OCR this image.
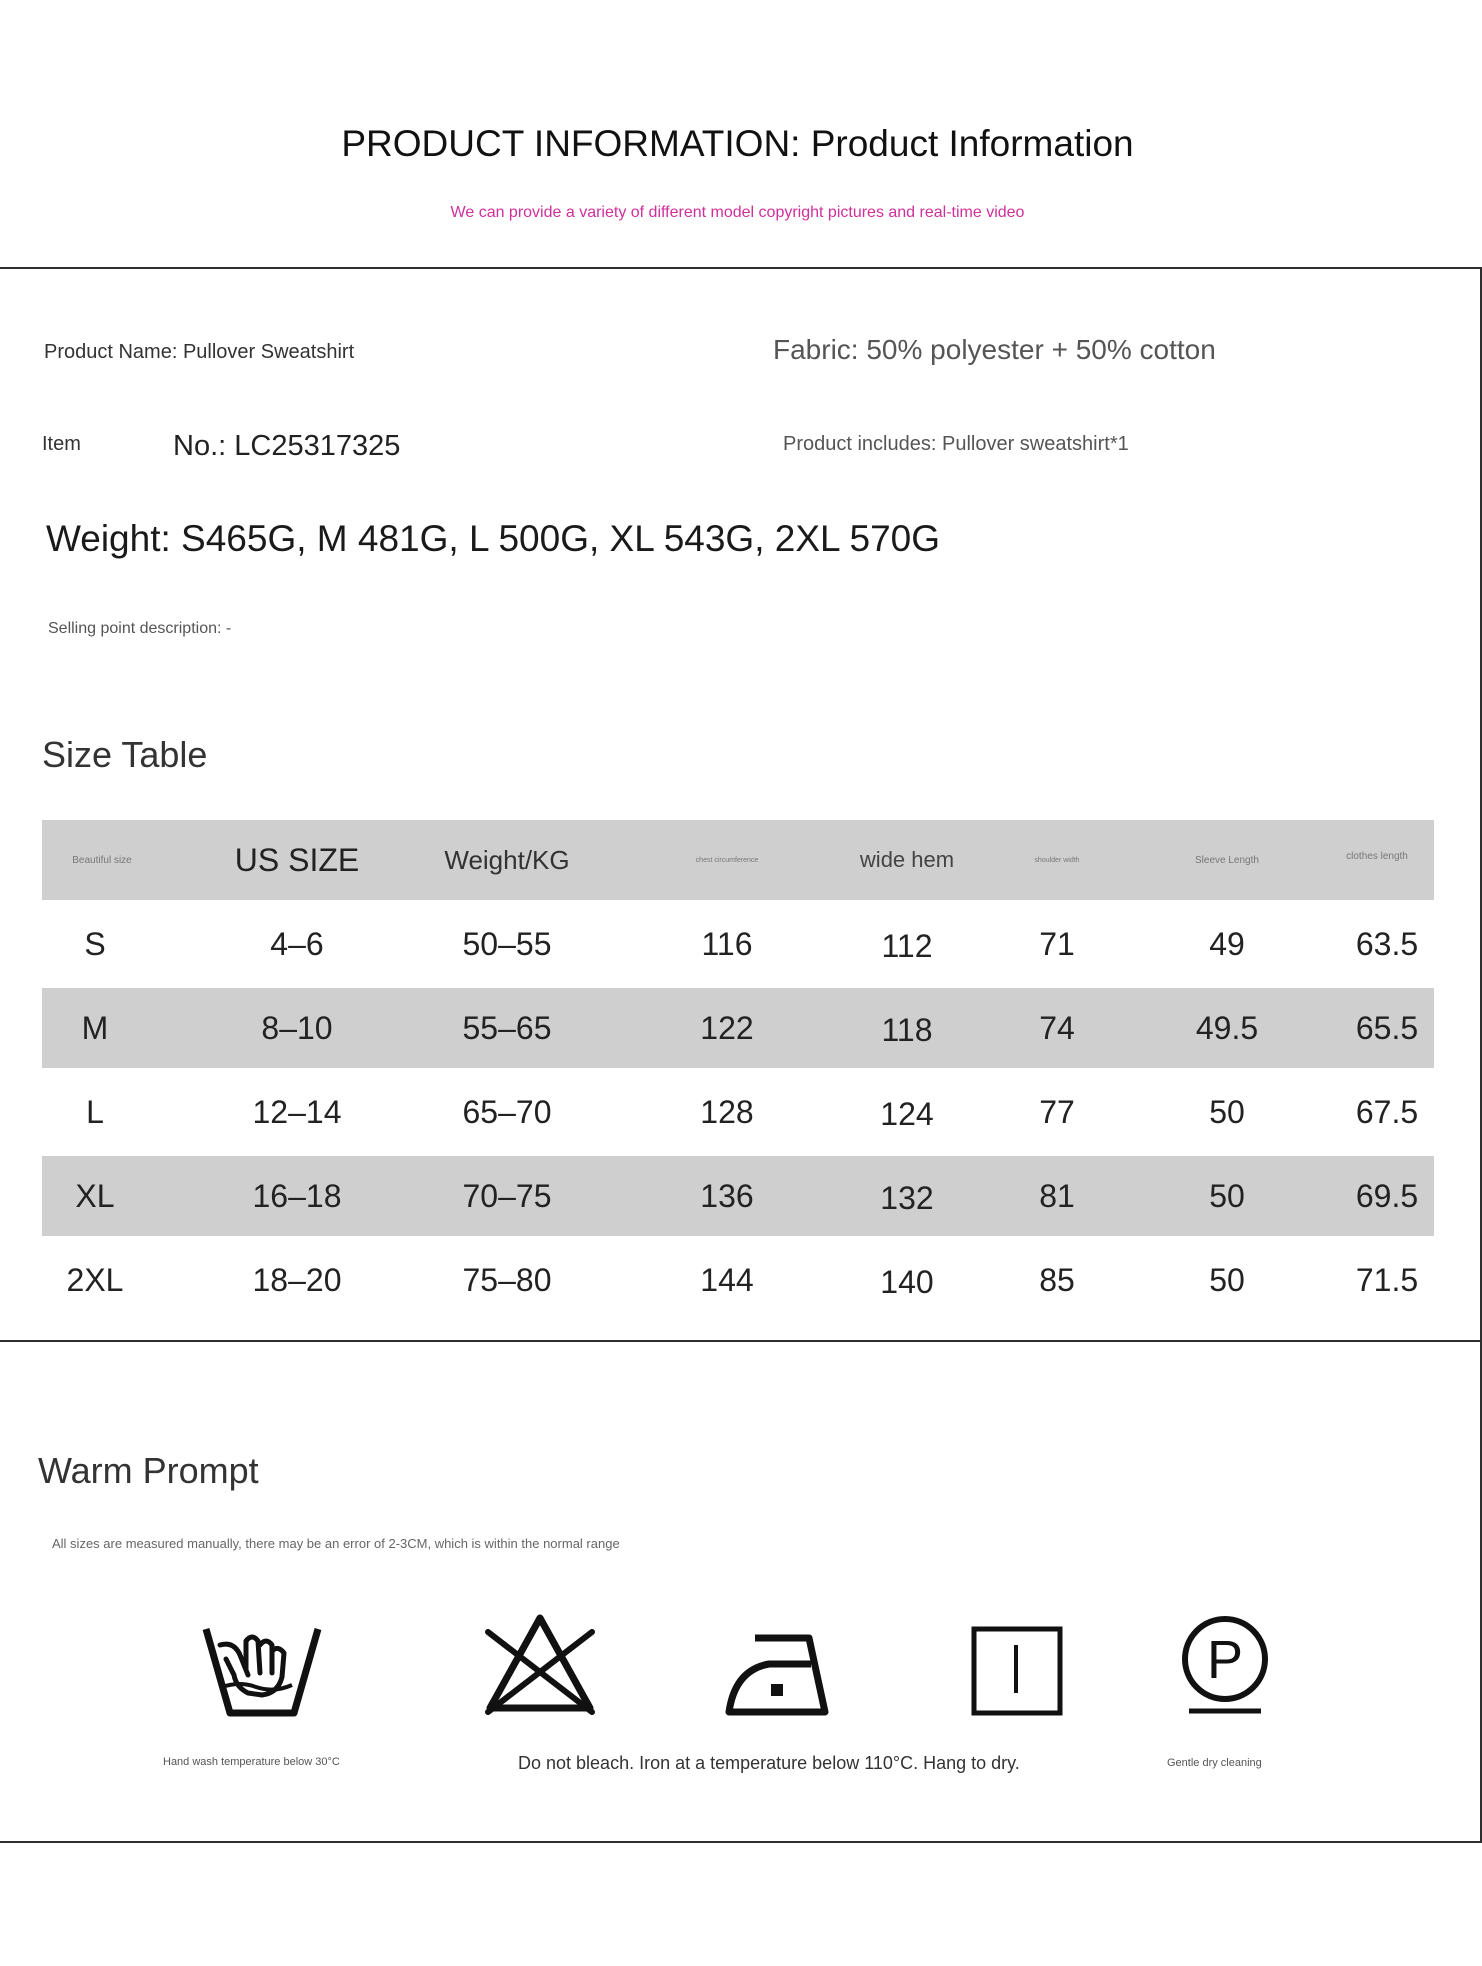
PRODUCT INFORMATION: Product Information
We can provide a variety of different model copyright pictures and real-time video
Product Name: Pullover Sweatshirt	Fabric: 50% polyester + 50% cotton
Item	No.: LC25317325	Product includes: Pullover sweatshirt*1
Weight: S465G, M 481G, L 500G, XL 543G, 2XL 570G
Selling point description: -
Size Table
Beautiful size	US SIZE	Weight/KG	chest circumference	wide hem	shoulder width	Sleeve Length	clothes length
S	4–6	50–55	116	112	71	49	63.5
M	8–10	55–65	122	118	74	49.5	65.5
L	12–14	65–70	128	124	77	50	67.5
XL	16–18	70–75	136	132	81	50	69.5
2XL	18–20	75–80	144	140	85	50	71.5
Warm Prompt
All sizes are measured manually, there may be an error of 2-3CM, which is within the normal range
P
Hand wash temperature below 30°C	Do not bleach. Iron at a temperature below 110°C. Hang to dry.	Gentle dry cleaning
